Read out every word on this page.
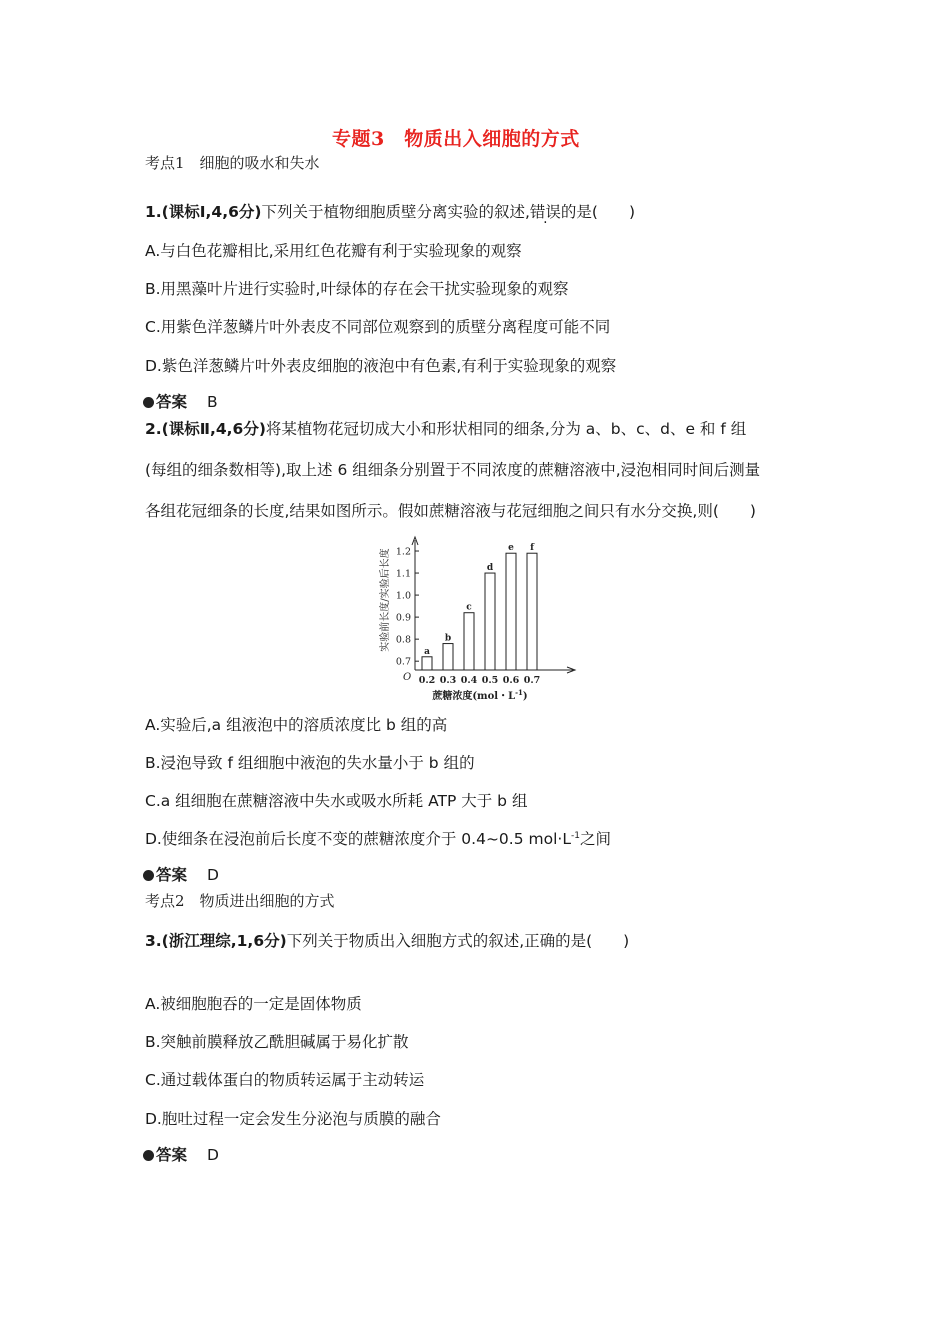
专题3　物质出入细胞的方式
考点1　细胞的吸水和失水
1.(课标Ⅰ,4,6分)下列关于植物细胞质壁分离实验的叙述,错误的是(　　)
A.与白色花瓣相比,采用红色花瓣有利于实验现象的观察
B.用黑藻叶片进行实验时,叶绿体的存在会干扰实验现象的观察
C.用紫色洋葱鳞片叶外表皮不同部位观察到的质壁分离程度可能不同
D.紫色洋葱鳞片叶外表皮细胞的液泡中有色素,有利于实验现象的观察
答案 B
2.(课标Ⅱ,4,6分)将某植物花冠切成大小和形状相同的细条,分为 a、b、c、d、e 和 f 组
(每组的细条数相等),取上述 6 组细条分别置于不同浓度的蔗糖溶液中,浸泡相同时间后测量
各组花冠细条的长度,结果如图所示。假如蔗糖溶液与花冠细胞之间只有水分交换,则(　　)
实验前长度/实验后长度
O
0.7
0.8
0.9
1.0
1.1
1.2
a
0.2
b
0.3
c
0.4
d
0.5
e
0.6
f
0.7
蔗糖浓度(mol・$L^{-1}$)
A.实验后,a 组液泡中的溶质浓度比 b 组的高
B.浸泡导致 f 组细胞中液泡的失水量小于 b 组的
C.a 组细胞在蔗糖溶液中失水或吸水所耗 ATP 大于 b 组
D.使细条在浸泡前后长度不变的蔗糖浓度介于 0.4~0.5 $mol\cdot L^{-1}$之间
答案 D
考点2　物质进出细胞的方式
3.(浙江理综,1,6分)下列关于物质出入细胞方式的叙述,正确的是(　　)
A.被细胞胞吞的一定是固体物质
B.突触前膜释放乙酰胆碱属于易化扩散
C.通过载体蛋白的物质转运属于主动转运
D.胞吐过程一定会发生分泌泡与质膜的融合
答案 D
